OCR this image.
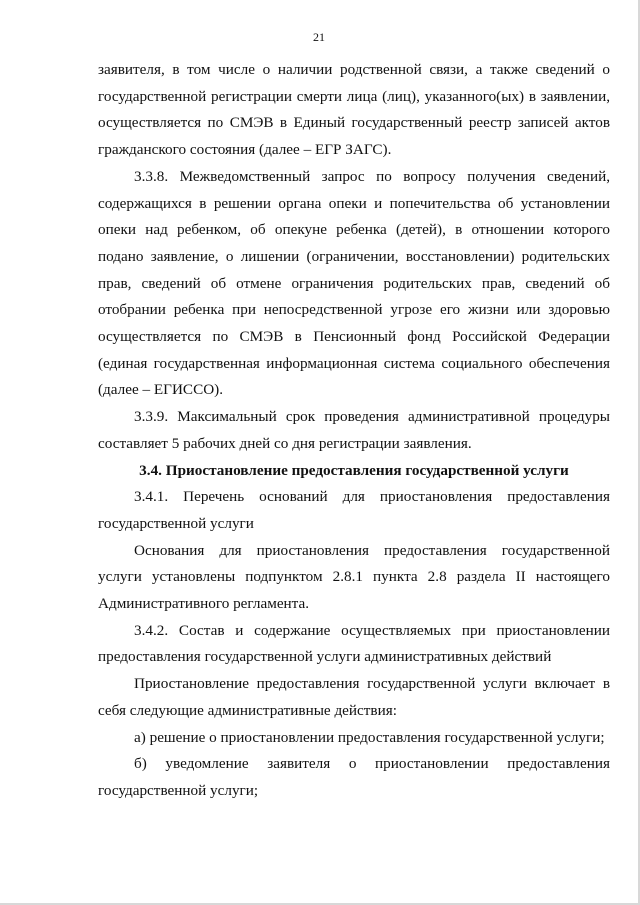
21

заявителя, в том числе о наличии родственной связи, а также сведений о государственной регистрации смерти лица (лиц), указанного(ых) в заявлении, осуществляется по СМЭВ в Единый государственный реестр записей актов гражданского состояния (далее – ЕГР ЗАГС).

3.3.8. Межведомственный запрос по вопросу получения сведений, содержащихся в решении органа опеки и попечительства об установлении опеки над ребенком, об опекуне ребенка (детей), в отношении которого подано заявление, о лишении (ограничении, восстановлении) родительских прав, сведений об отмене ограничения родительских прав, сведений об отобрании ребенка при непосредственной угрозе его жизни или здоровью осуществляется по СМЭВ в Пенсионный фонд Российской Федерации (единая государственная информационная система социального обеспечения (далее – ЕГИССО).

3.3.9. Максимальный срок проведения административной процедуры составляет 5 рабочих дней со дня регистрации заявления.

3.4. Приостановление предоставления государственной услуги

3.4.1. Перечень оснований для приостановления предоставления государственной услуги

Основания для приостановления предоставления государственной услуги установлены подпунктом 2.8.1 пункта 2.8 раздела II настоящего Административного регламента.

3.4.2. Состав и содержание осуществляемых при приостановлении предоставления государственной услуги административных действий

Приостановление предоставления государственной услуги включает в себя следующие административные действия:

а) решение о приостановлении предоставления государственной услуги;

б) уведомление заявителя о приостановлении предоставления государственной услуги;
